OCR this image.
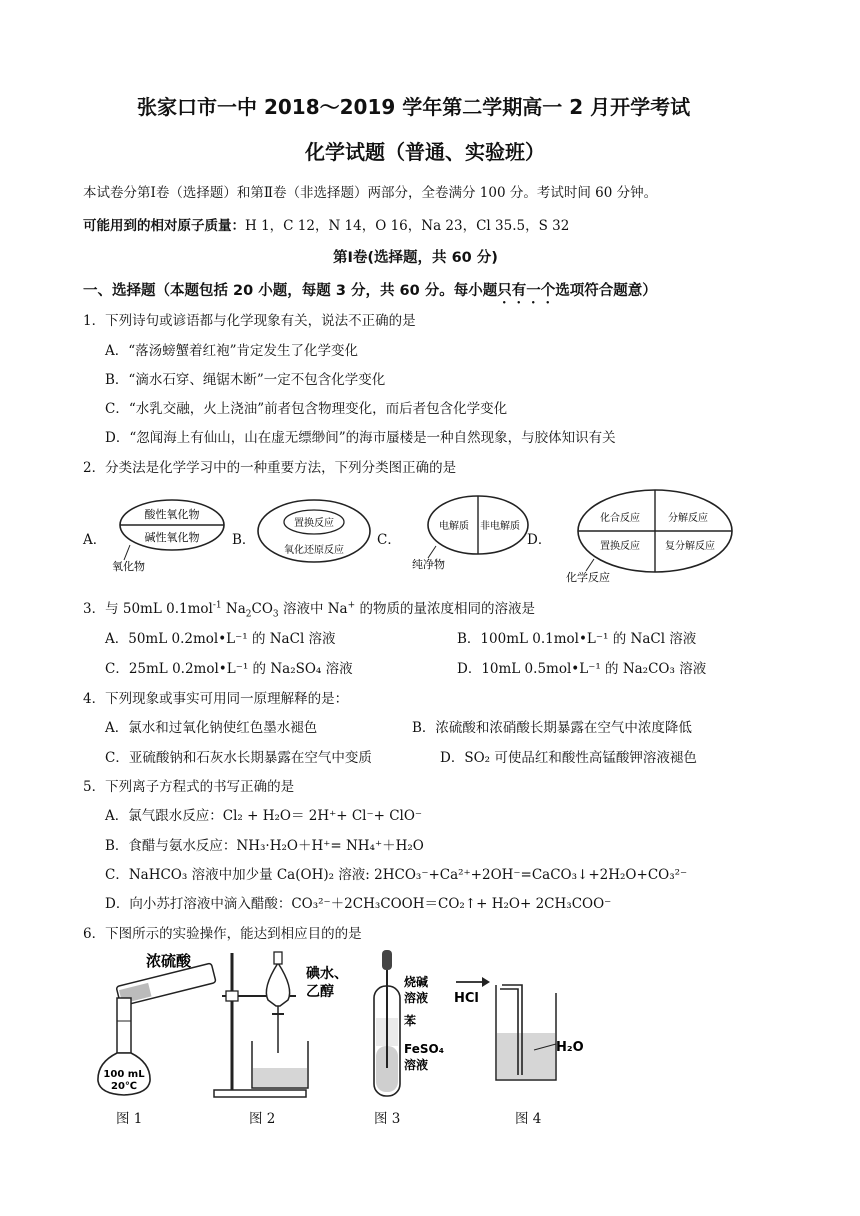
张家口市一中 2018～2019 学年第二学期高一 2 月开学考试
化学试题（普通、实验班）
本试卷分第Ⅰ卷（选择题）和第Ⅱ卷（非选择题）两部分，全卷满分 100 分。考试时间 60 分钟。
可能用到的相对原子质量：H 1，C 12，N 14，O 16，Na 23，Cl 35.5，S 32
第Ⅰ卷(选择题，共 60 分)
一、选择题（本题包括 20 小题，每题 3 分，共 60 分。每小题只有一个选项符合题意）
1．下列诗句或谚语都与化学现象有关，说法不正确的是
A．“落汤螃蟹着红袍”肯定发生了化学变化
B．“滴水石穿、绳锯木断”一定不包含化学变化
C．“水乳交融，火上浇油”前者包含物理变化，而后者包含化学变化
D．“忽闻海上有仙山，山在虚无缥缈间”的海市蜃楼是一种自然现象，与胶体知识有关
2．分类法是化学学习中的一种重要方法，下列分类图正确的是
A．
酸性氧化物
碱性氧化物
氧化物
B．
置换反应
氧化还原反应
C．
电解质 非电解质
纯净物
D．
化合反应	分解反应
置换反应	复分解反应
化学反应
3．与 50mL 0.1mol$^{-1}$ $Na_2CO_3$ 溶液中 Na+ 的物质的量浓度相同的溶液是
A．50mL 0.2mol•L⁻¹ 的 NaCl 溶液	B．100mL 0.1mol•L⁻¹ 的 NaCl 溶液
C．25mL 0.2mol•L⁻¹ 的 Na₂SO₄ 溶液	D．10mL 0.5mol•L⁻¹ 的 Na₂CO₃ 溶液
4．下列现象或事实可用同一原理解释的是：
A．氯水和过氧化钠使红色墨水褪色	B．浓硫酸和浓硝酸长期暴露在空气中浓度降低
C．亚硫酸钠和石灰水长期暴露在空气中变质	D．SO₂ 可使品红和酸性高锰酸钾溶液褪色
5．下列离子方程式的书写正确的是
A．氯气跟水反应：Cl₂ + H₂O＝ 2H⁺+ Cl⁻+ ClO⁻
B．食醋与氨水反应：NH₃·H₂O＋H⁺= NH₄⁺＋H₂O
C．NaHCO₃ 溶液中加少量 Ca(OH)₂ 溶液: 2HCO₃⁻+Ca²⁺+2OH⁻=CaCO₃↓+2H₂O+CO₃²⁻
D．向小苏打溶液中滴入醋酸：CO₃²⁻＋2CH₃COOH＝CO₂↑+ H₂O+ 2CH₃COO⁻
6．下图所示的实验操作，能达到相应目的的是
浓硫酸
100 mL
20℃
碘水、
乙醇
烧碱
溶液
苯
FeSO₄
溶液
HCl
H₂O
图 1	图 2	图 3	图 4
